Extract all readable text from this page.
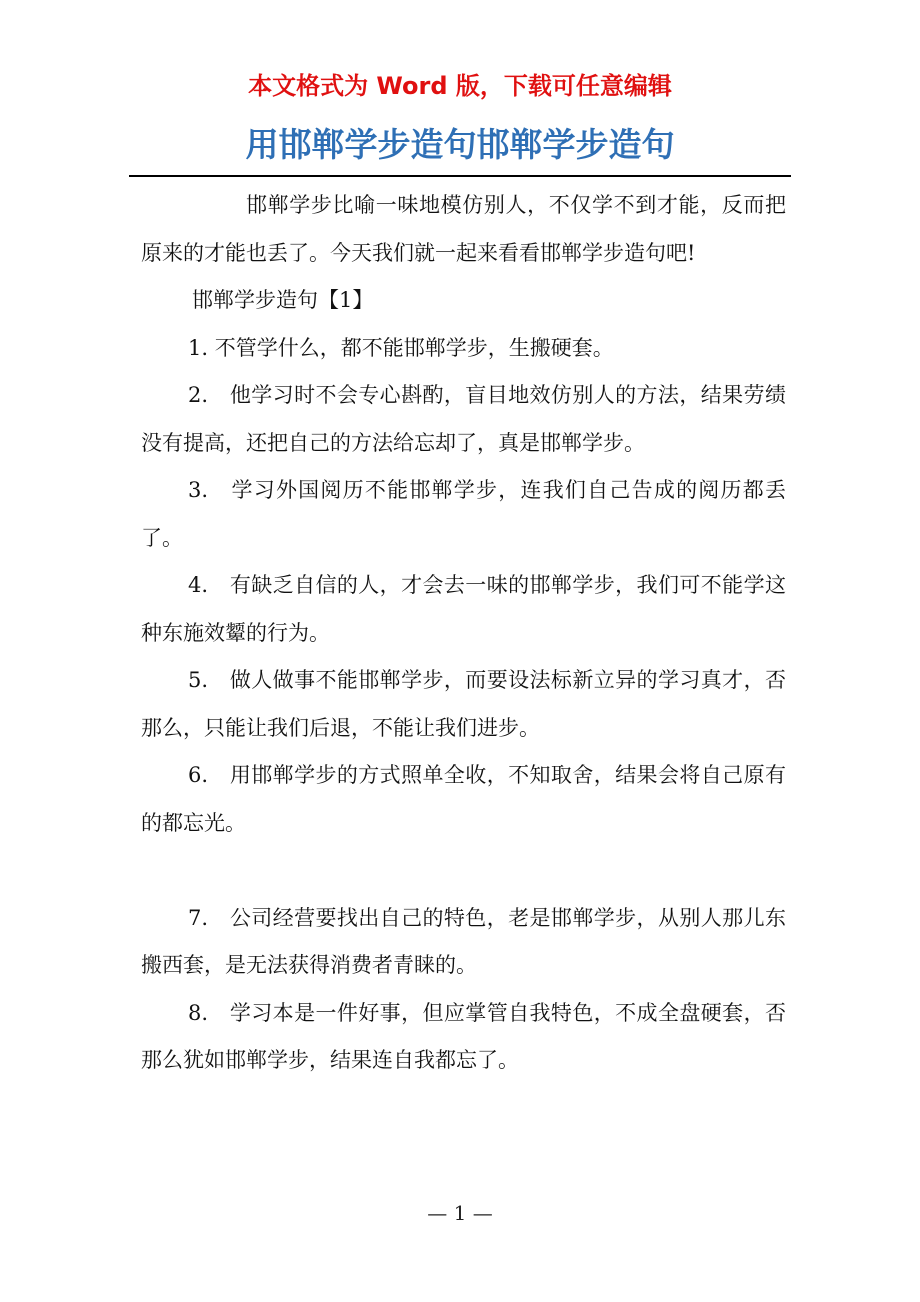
本文格式为 Word 版，下载可任意编辑
用邯郸学步造句邯郸学步造句

邯郸学步比喻一味地模仿别人，不仅学不到才能，反而把原来的才能也丢了。今天我们就一起来看看邯郸学步造句吧!

邯郸学步造句【1】

1. 不管学什么，都不能邯郸学步，生搬硬套。

2.　他学习时不会专心斟酌，盲目地效仿别人的方法，结果劳绩没有提高，还把自己的方法给忘却了，真是邯郸学步。

3.　学习外国阅历不能邯郸学步，连我们自己告成的阅历都丢了。

4.　有缺乏自信的人，才会去一味的邯郸学步，我们可不能学这种东施效颦的行为。

5.　做人做事不能邯郸学步，而要设法标新立异的学习真才，否那么，只能让我们后退，不能让我们进步。

6.　用邯郸学步的方式照单全收，不知取舍，结果会将自己原有的都忘光。

7.　公司经营要找出自己的特色，老是邯郸学步，从别人那儿东搬西套，是无法获得消费者青睐的。

8.　学习本是一件好事，但应掌管自我特色，不成全盘硬套，否那么犹如邯郸学步，结果连自我都忘了。

— 1 —
